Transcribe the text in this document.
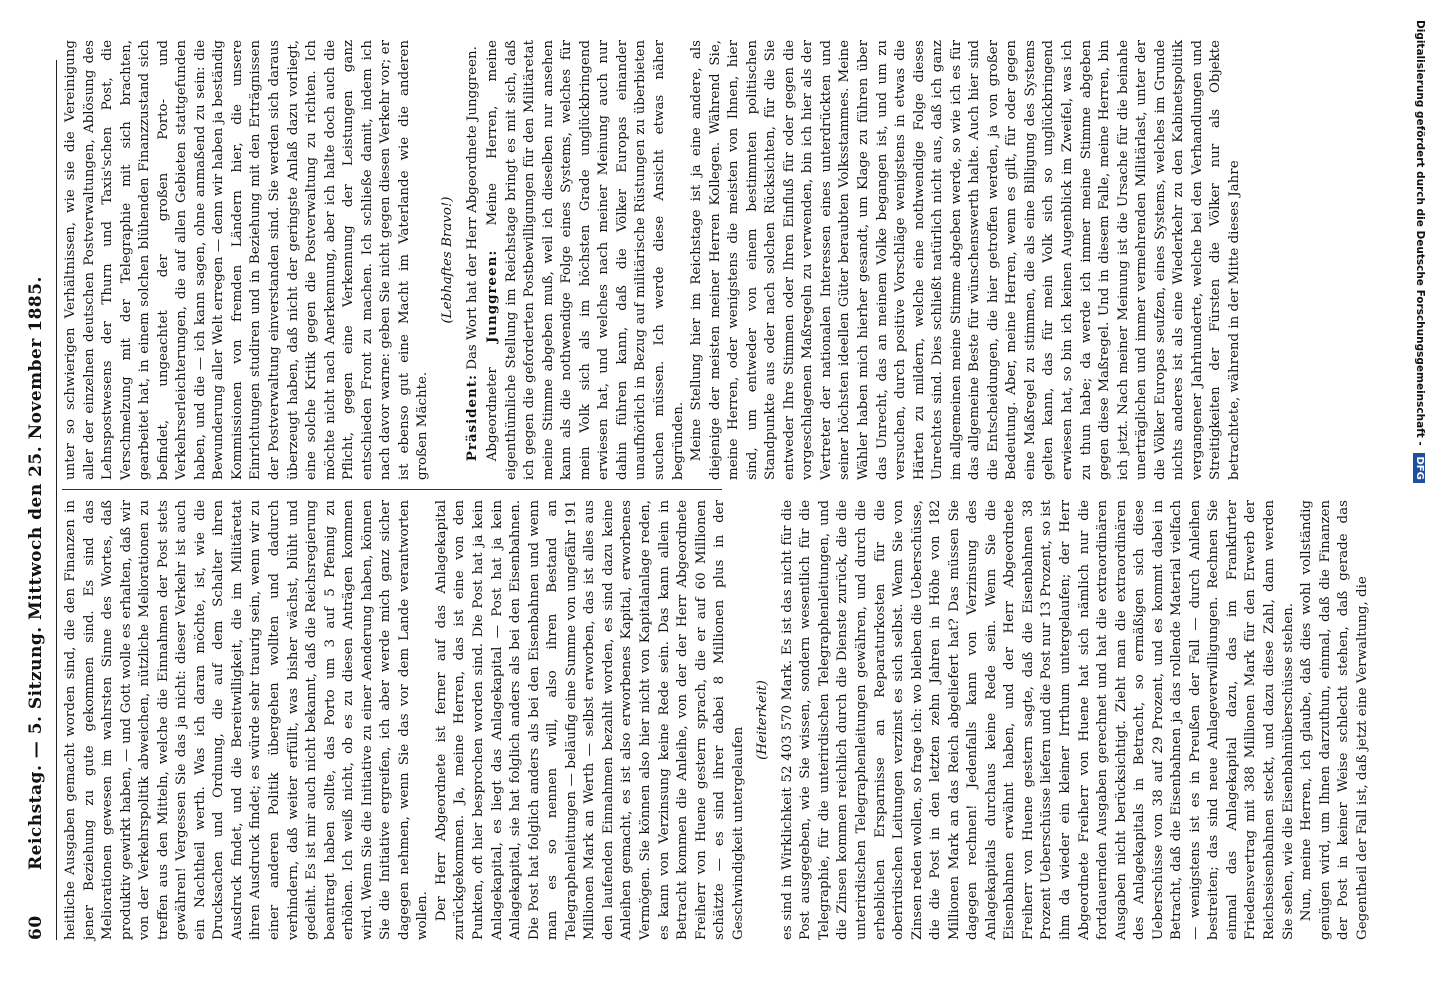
60
Reichstag. — 5. Sitzung. Mittwoch den 25. November 1885. heitliche Ausgaben gemacht worden sind, die den Finanzen in jener Beziehung zu gute gekommen sind. Es sind das Meliorationen gewesen im wahrsten Sinne des Wortes, daß produktiv gewirkt haben, — und Gott wolle es erhalten, daß wir von der Verkehrspolitik abweichen, nützliche Meliorationen zu treffen aus den Mitteln, welche die Einnahmen der Post stets gewähren! Vergessen Sie das ja nicht: dieser Verkehr ist auch ein Nachtheil werth. Was ich daran möchte, ist, wie die Drucksachen und Ordnung, die auf dem Schalter ihren Ausdruck findet, und die Bereitwilligkeit, die im Militäretat ihren Ausdruck findet; es würde sehr traurig sein, wenn wir zu einer anderen Politik übergehen wollten und dadurch verhindern, daß weiter erfüllt, was bisher wächst, blüht und gedeiht. Es ist mir auch nicht bekannt, daß die Reichsregierung beantragt haben sollte, das Porto um 3 auf 5 Pfennig zu erhöhen. Ich weiß nicht, ob es zu diesen Anträgen kommen wird. Wenn Sie die Initiative zu einer Aenderung haben, können Sie die Initiative ergreifen, ich aber werde mich ganz sicher dagegen nehmen, wenn Sie das vor dem Lande verantworten wollen. Der Herr Abgeordnete ist ferner auf das Anlagekapital zurückgekommen. Ja, meine Herren, das ist eine von den Punkten, oft hier besprochen worden sind. Die Post hat ja kein Anlagekapital, es liegt das Anlagekapital — Post hat ja kein Anlagekapital, sie hat folglich anders als bei den Eisenbahnen. Die Post hat folglich anders als bei den Eisenbahnen und wenn man es so nennen will, also ihren Bestand an Telegraphenleitungen — beläufig eine Summe von ungefähr 191 Millionen Mark an Werth — selbst erworben, das ist alles aus den laufenden Einnahmen bezahlt worden, es sind dazu keine Anleihen gemacht, es ist also erworbenes Kapital, erworbenes Vermögen. Sie können also hier nicht von Kapitalanlage reden, es kann von Verzinsung keine Rede sein. Das kann allein in Betracht kommen die Anleihe, von der der Herr Abgeordnete Freiherr von Huene gestern sprach, die er auf 60 Millionen schätzte — es sind ihrer dabei 8 Millionen plus in der Geschwindigkeit untergelaufen

(Heiterkeit) es sind in Wirklichkeit 52 403 570 Mark. Es ist das nicht für die Post ausgegeben, wie Sie wissen, sondern wesentlich für die Telegraphie, für die unterirdischen Telegraphenleitungen, und die Zinsen kommen reichlich durch die Dienste zurück, die die unterirdischen Telegraphenleitungen gewähren, und durch die erheblichen Ersparnisse an Reparaturkosten für die oberirdischen Leitungen verzinst es sich selbst. Wenn Sie von Zinsen reden wollen, so frage ich: wo bleiben die Ueberschüsse, die die Post in den letzten zehn Jahren in Höhe von 182 Millionen Mark an das Reich abgeliefert hat? Das müssen Sie dagegen rechnen! Jedenfalls kann von Verzinsung des Anlagekapitals durchaus keine Rede sein. Wenn Sie die Eisenbahnen erwähnt haben, und der Herr Abgeordnete Freiherr von Huene gestern sagte, daß die Eisenbahnen 38 Prozent Ueberschüsse liefern und die Post nur 13 Prozent, so ist ihm da wieder ein kleiner Irrthum untergelaufen; der Herr Abgeordnete Freiherr von Huene hat sich nämlich nur die fortdauernden Ausgaben gerechnet und hat die extraordinären Ausgaben nicht berücksichtigt. Zieht man die extraordinären des Anlagekapitals in Betracht, so ermäßigen sich diese Ueberschüsse von 38 auf 29 Prozent, und es kommt dabei in Betracht, daß die Eisenbahnen ja das rollende Material vielfach — wenigstens ist es in Preußen der Fall — durch Anleihen bestreiten; das sind neue Anlageverwilligungen. Rechnen Sie einmal das Anlagekapital dazu, das im Frankfurter Friedensvertrag mit 388 Millionen Mark für den Erwerb der Reichseisenbahnen steckt, und dazu diese Zahl, dann werden Sie sehen, wie die Eisenbahnüberschüsse stehen. Nun, meine Herren, ich glaube, daß dies wohl vollständig genügen wird, um Ihnen darzuthun, einmal, daß die Finanzen der Post in keiner Weise schlecht stehen, daß gerade das Gegentheil der Fall ist, daß jetzt eine Verwaltung, die

unter so schwierigen Verhältnissen, wie sie die Vereinigung aller der einzelnen deutschen Postverwaltungen, Ablösung des Lehnspostwesens der Thurn und Taxis'schen Post, die Verschmelzung mit der Telegraphie mit sich brachten, gearbeitet hat, in einem solchen blühenden Finanzzustand sich befindet, ungeachtet der großen Porto- und Verkehrserleichterungen, die auf allen Gebieten stattgefunden haben, und die — ich kann sagen, ohne anmaßend zu sein: die Bewunderung aller Welt erregen — denn wir haben ja beständig Kommissionen von fremden Ländern hier, die unsere Einrichtungen studiren und in Beziehung mit den Erträgnissen der Postverwaltung einverstanden sind. Sie werden sich daraus überzeugt haben, daß nicht der geringste Anlaß dazu vorliegt, eine solche Kritik gegen die Postverwaltung zu richten. Ich möchte nicht nach Anerkennung, aber ich halte doch auch die Pflicht, gegen eine Verkennung der Leistungen ganz entschieden Front zu machen. Ich schließe damit, indem ich nach davor warne: geben Sie nicht gegen diesen Verkehr vor; er ist ebenso gut eine Macht im Vaterlande wie die anderen großen Mächte.

(Lebhaftes Bravo!)

Präsident: Das Wort hat der Herr Abgeordnete Junggreen.

Abgeordneter Junggreen: Meine Herren, meine eigenthümliche Stellung im Reichstage bringt es mit sich, daß ich gegen die geforderten Postbewilligungen für den Militäretat meine Stimme abgeben muß, weil ich dieselben nur ansehen kann als die nothwendige Folge eines Systems, welches für mein Volk sich als im höchsten Grade unglückbringend erwiesen hat, und welches nach meiner Meinung auch nur dahin führen kann, daß die Völker Europas einander unaufhörlich in Bezug auf militärische Rüstungen zu überbieten suchen müssen. Ich werde diese Ansicht etwas näher begründen. Meine Stellung hier im Reichstage ist ja eine andere, als diejenige der meisten meiner Herren Kollegen. Während Sie, meine Herren, oder wenigstens die meisten von Ihnen, hier sind, um entweder von einem bestimmten politischen Standpunkte aus oder nach solchen Rücksichten, für die Sie entweder Ihre Stimmen oder Ihren Einfluß für oder gegen die vorgeschlagenen Maßregeln zu verwenden, bin ich hier als der Vertreter der nationalen Interessen eines unterdrückten und seiner höchsten ideellen Güter beraubten Volksstammes. Meine Wähler haben mich hierher gesandt, um Klage zu führen über das Unrecht, das an meinem Volke begangen ist, und um zu versuchen, durch positive Vorschläge wenigstens in etwas die Härten zu mildern, welche eine nothwendige Folge dieses Unrechtes sind. Dies schließt natürlich nicht aus, daß ich ganz im allgemeinen meine Stimme abgeben werde, so wie ich es für das allgemeine Beste für wünschenswerth halte. Auch hier sind die Entscheidungen, die hier getroffen werden, ja von großer Bedeutung. Aber, meine Herren, wenn es gilt, für oder gegen eine Maßregel zu stimmen, die als eine Billigung des Systems gelten kann, das für mein Volk sich so unglückbringend erwiesen hat, so bin ich keinen Augenblick im Zweifel, was ich zu thun habe; da werde ich immer meine Stimme abgeben gegen diese Maßregel. Und in diesem Falle, meine Herren, bin ich jetzt. Nach meiner Meinung ist die Ursache für die beinahe unerträglichen und immer vermehrenden Militärlast, unter der die Völker Europas seufzen, eines Systems, welches im Grunde nichts anderes ist als eine Wiederkehr zu den Kabinetspolitik vergangener Jahrhunderte, welche bei den Verhandlungen und Streitigkeiten der Fürsten die Völker nur als Objekte betrachtete, während in der Mitte dieses Jahre	Digitalisierung gefördert durch die Deutsche Forschungsgemeinschaft - DFG
